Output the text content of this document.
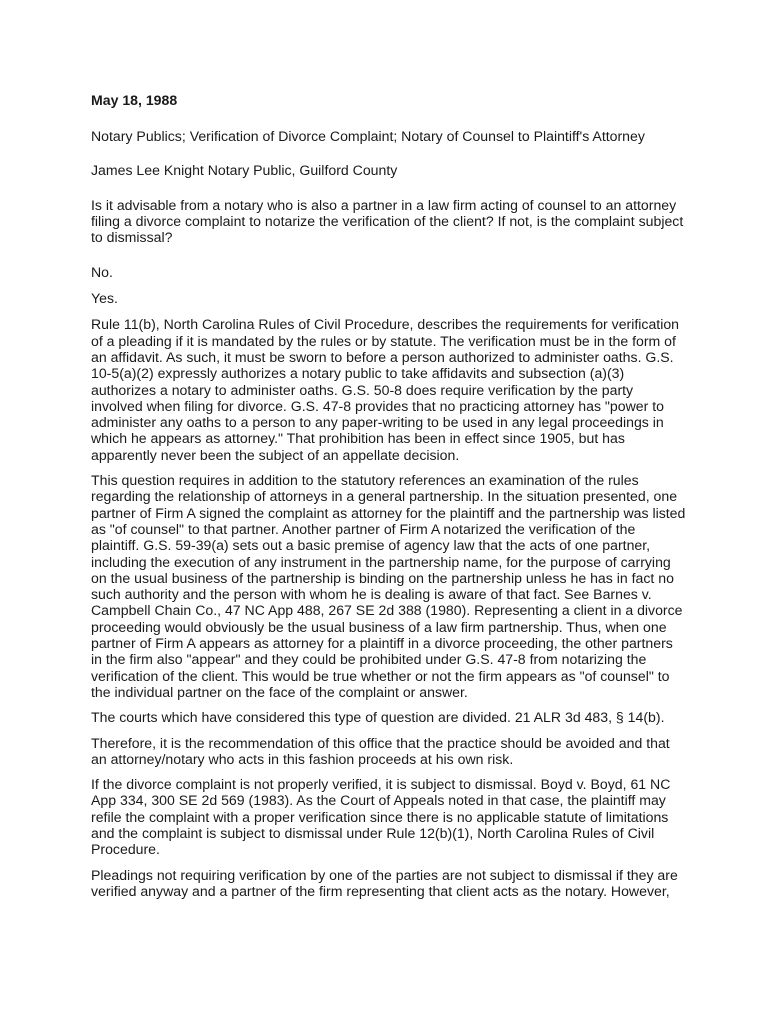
May 18, 1988

Notary Publics; Verification of Divorce Complaint; Notary of Counsel to Plaintiff's Attorney

James Lee Knight Notary Public, Guilford County

Is it advisable from a notary who is also a partner in a law firm acting of counsel to an attorney filing a divorce complaint to notarize the verification of the client? If not, is the complaint subject to dismissal?

No.

Yes.

Rule 11(b), North Carolina Rules of Civil Procedure, describes the requirements for verification of a pleading if it is mandated by the rules or by statute. The verification must be in the form of an affidavit. As such, it must be sworn to before a person authorized to administer oaths. G.S. 10-5(a)(2) expressly authorizes a notary public to take affidavits and subsection (a)(3) authorizes a notary to administer oaths. G.S. 50-8 does require verification by the party involved when filing for divorce. G.S. 47-8 provides that no practicing attorney has "power to administer any oaths to a person to any paper-writing to be used in any legal proceedings in which he appears as attorney." That prohibition has been in effect since 1905, but has apparently never been the subject of an appellate decision.

This question requires in addition to the statutory references an examination of the rules regarding the relationship of attorneys in a general partnership. In the situation presented, one partner of Firm A signed the complaint as attorney for the plaintiff and the partnership was listed as "of counsel" to that partner. Another partner of Firm A notarized the verification of the plaintiff. G.S. 59-39(a) sets out a basic premise of agency law that the acts of one partner, including the execution of any instrument in the partnership name, for the purpose of carrying on the usual business of the partnership is binding on the partnership unless he has in fact no such authority and the person with whom he is dealing is aware of that fact. See Barnes v. Campbell Chain Co., 47 NC App 488, 267 SE 2d 388 (1980). Representing a client in a divorce proceeding would obviously be the usual business of a law firm partnership. Thus, when one partner of Firm A appears as attorney for a plaintiff in a divorce proceeding, the other partners in the firm also "appear" and they could be prohibited under G.S. 47-8 from notarizing the verification of the client. This would be true whether or not the firm appears as "of counsel" to the individual partner on the face of the complaint or answer.

The courts which have considered this type of question are divided. 21 ALR 3d 483, § 14(b).

Therefore, it is the recommendation of this office that the practice should be avoided and that an attorney/notary who acts in this fashion proceeds at his own risk.

If the divorce complaint is not properly verified, it is subject to dismissal. Boyd v. Boyd, 61 NC App 334, 300 SE 2d 569 (1983). As the Court of Appeals noted in that case, the plaintiff may refile the complaint with a proper verification since there is no applicable statute of limitations and the complaint is subject to dismissal under Rule 12(b)(1), North Carolina Rules of Civil Procedure.

Pleadings not requiring verification by one of the parties are not subject to dismissal if they are verified anyway and a partner of the firm representing that client acts as the notary. However,
